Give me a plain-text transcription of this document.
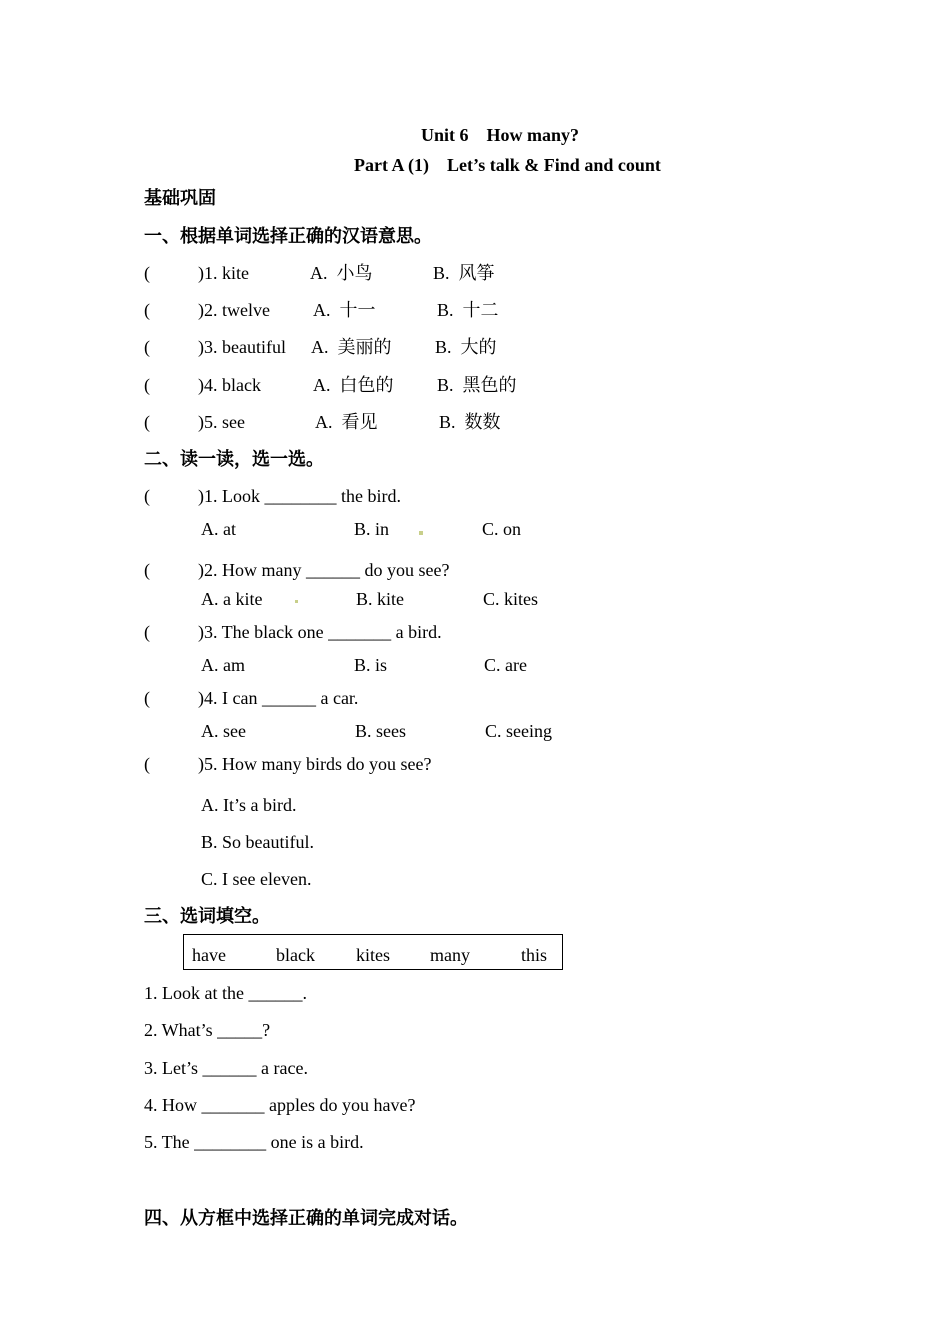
Unit 6    How many?
Part A (1)    Let’s talk & Find and count
基础巩固
一、根据单词选择正确的汉语意思。
(	)1. kite	A.  小鸟	B.  风筝
(	)2. twelve A.  十一	B.  十二
(	)3. beautiful A.  美丽的 B.  大的
(	)4. black	A.  白色的 B.  黑色的
(	)5. see	A.  看见	B.  数数
二、读一读，选一选。
(	)1. Look ________ the bird.
A. at	B. in	C. on
(	)2. How many ______ do you see?
A. a kite	B. kite	C. kites
(	)3. The black one _______ a bird.
A. am	B. is	C. are
(	)4. I can ______ a car.
A. see	B. sees	C. seeing
(	)5. How many birds do you see?
A. It’s a bird.
B. So beautiful.
C. I see eleven.
三、选词填空。
have	black kites many	this
1. Look at the ______.
2. What’s _____?
3. Let’s ______ a race.
4. How _______ apples do you have?
5. The ________ one is a bird.
四、从方框中选择正确的单词完成对话。
